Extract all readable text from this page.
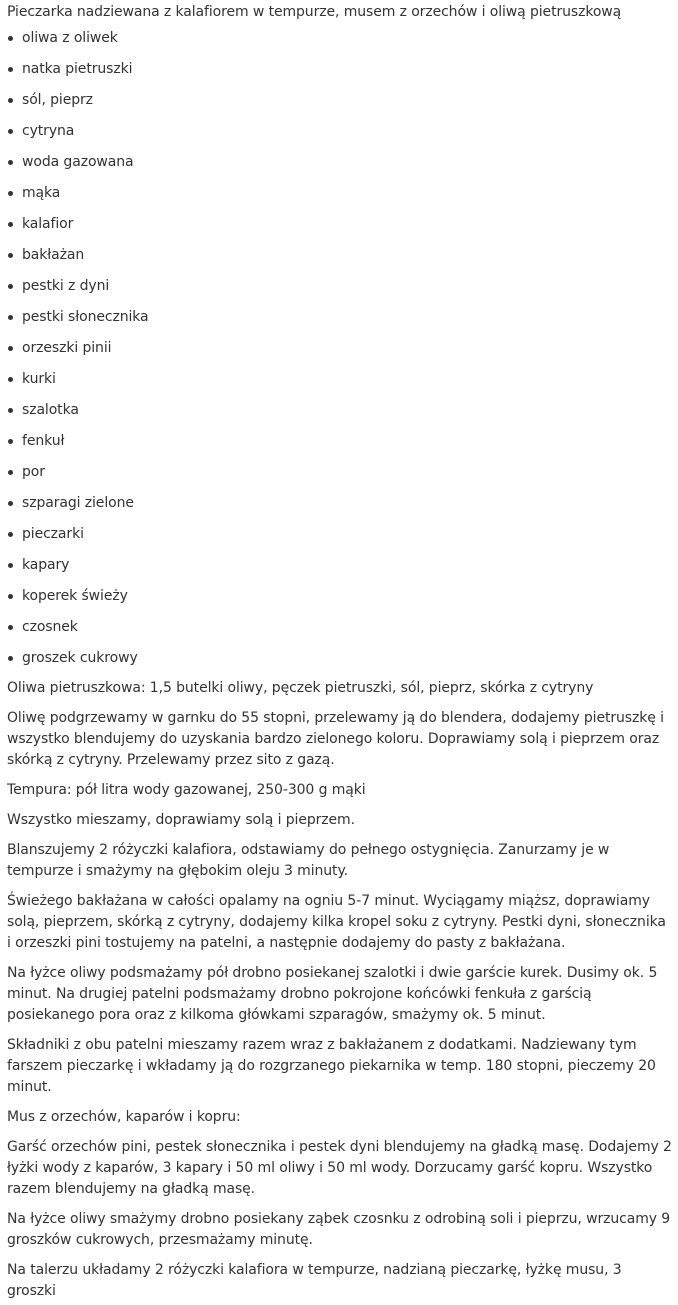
Pieczarka nadziewana z kalafiorem w tempurze, musem z orzechów i oliwą pietruszkową
oliwa z oliwek
natka pietruszki
sól, pieprz
cytryna
woda gazowana
mąka
kalafior
bakłażan
pestki z dyni
pestki słonecznika
orzeszki pinii
kurki
szalotka
fenkuł
por
szparagi zielone
pieczarki
kapary
koperek świeży
czosnek
groszek cukrowy

Oliwa pietruszkowa: 1,5 butelki oliwy, pęczek pietruszki, sól, pieprz, skórka z cytryny

Oliwę podgrzewamy w garnku do 55 stopni, przelewamy ją do blendera, dodajemy pietruszkę i wszystko blendujemy do uzyskania bardzo zielonego koloru. Doprawiamy solą i pieprzem oraz skórką z cytryny. Przelewamy przez sito z gazą.

Tempura: pół litra wody gazowanej, 250-300 g mąki

Wszystko mieszamy, doprawiamy solą i pieprzem.

Blanszujemy 2 różyczki kalafiora, odstawiamy do pełnego ostygnięcia. Zanurzamy je w tempurze i smażymy na głębokim oleju 3 minuty.

Świeżego bakłażana w całości opalamy na ogniu 5-7 minut. Wyciągamy miąższ, doprawiamy solą, pieprzem, skórką z cytryny, dodajemy kilka kropel soku z cytryny. Pestki dyni, słonecznika i orzeszki pini tostujemy na patelni, a następnie dodajemy do pasty z bakłażana.

Na łyżce oliwy podsmażamy pół drobno posiekanej szalotki i dwie garście kurek. Dusimy ok. 5 minut. Na drugiej patelni podsmażamy drobno pokrojone końcówki fenkuła z garścią posiekanego pora oraz z kilkoma główkami szparagów, smażymy ok. 5 minut.

Składniki z obu patelni mieszamy razem wraz z bakłażanem z dodatkami. Nadziewany tym farszem pieczarkę i wkładamy ją do rozgrzanego piekarnika w temp. 180 stopni, pieczemy 20 minut.

Mus z orzechów, kaparów i kopru:

Garść orzechów pini, pestek słonecznika i pestek dyni blendujemy na gładką masę. Dodajemy 2 łyżki wody z kaparów, 3 kapary i 50 ml oliwy i 50 ml wody. Dorzucamy garść kopru. Wszystko razem blendujemy na gładką masę.

Na łyżce oliwy smażymy drobno posiekany ząbek czosnku z odrobiną soli i pieprzu, wrzucamy 9 groszków cukrowych, przesmażamy minutę.

Na talerzu układamy 2 różyczki kalafiora w tempurze, nadzianą pieczarkę, łyżkę musu, 3 groszki
